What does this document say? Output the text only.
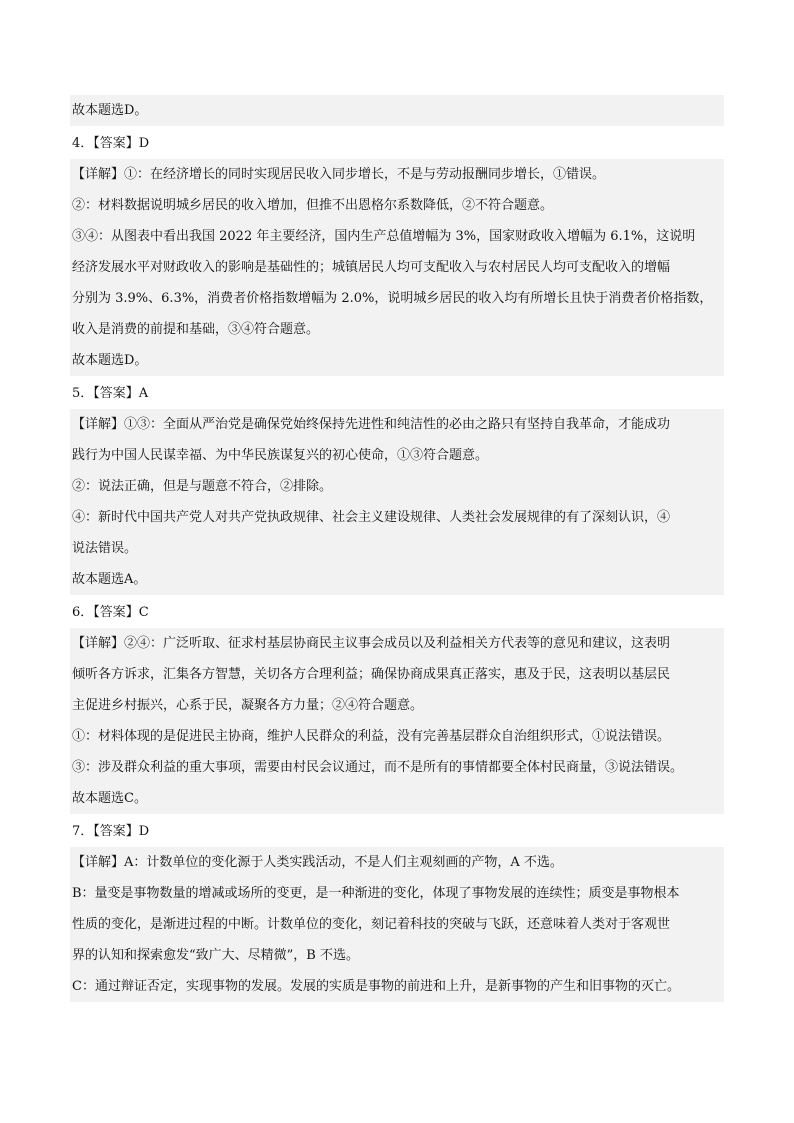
故本题选D。
4．【答案】D
【详解】①：在经济增长的同时实现居民收入同步增长，不是与劳动报酬同步增长，①错误。
②：材料数据说明城乡居民的收入增加，但推不出恩格尔系数降低，②不符合题意。
③④：从图表中看出我国 2022 年主要经济，国内生产总值增幅为 3%，国家财政收入增幅为 6.1%，这说明
经济发展水平对财政收入的影响是基础性的；城镇居民人均可支配收入与农村居民人均可支配收入的增幅
分别为 3.9%、6.3%，消费者价格指数增幅为 2.0%，说明城乡居民的收入均有所增长且快于消费者价格指数，
收入是消费的前提和基础，③④符合题意。
故本题选D。
5．【答案】A
【详解】①③：全面从严治党是确保党始终保持先进性和纯洁性的必由之路只有坚持自我革命，才能成功
践行为中国人民谋幸福、为中华民族谋复兴的初心使命，①③符合题意。
②：说法正确，但是与题意不符合，②排除。
④：新时代中国共产党人对共产党执政规律、社会主义建设规律、人类社会发展规律的有了深刻认识，④
说法错误。
故本题选A。
6．【答案】C
【详解】②④：广泛听取、征求村基层协商民主议事会成员以及利益相关方代表等的意见和建议，这表明
倾听各方诉求，汇集各方智慧，关切各方合理利益；确保协商成果真正落实，惠及于民，这表明以基层民
主促进乡村振兴，心系于民，凝聚各方力量；②④符合题意。
①：材料体现的是促进民主协商，维护人民群众的利益，没有完善基层群众自治组织形式，①说法错误。
③：涉及群众利益的重大事项，需要由村民会议通过，而不是所有的事情都要全体村民商量，③说法错误。
故本题选C。
7．【答案】D
【详解】A：计数单位的变化源于人类实践活动，不是人们主观刻画的产物，A 不选。
B：量变是事物数量的增减或场所的变更，是一种渐进的变化，体现了事物发展的连续性；质变是事物根本
性质的变化，是渐进过程的中断。计数单位的变化，刻记着科技的突破与飞跃，还意味着人类对于客观世
界的认知和探索愈发“致广大、尽精微”，B 不选。
C：通过辩证否定，实现事物的发展。发展的实质是事物的前进和上升，是新事物的产生和旧事物的灭亡。
